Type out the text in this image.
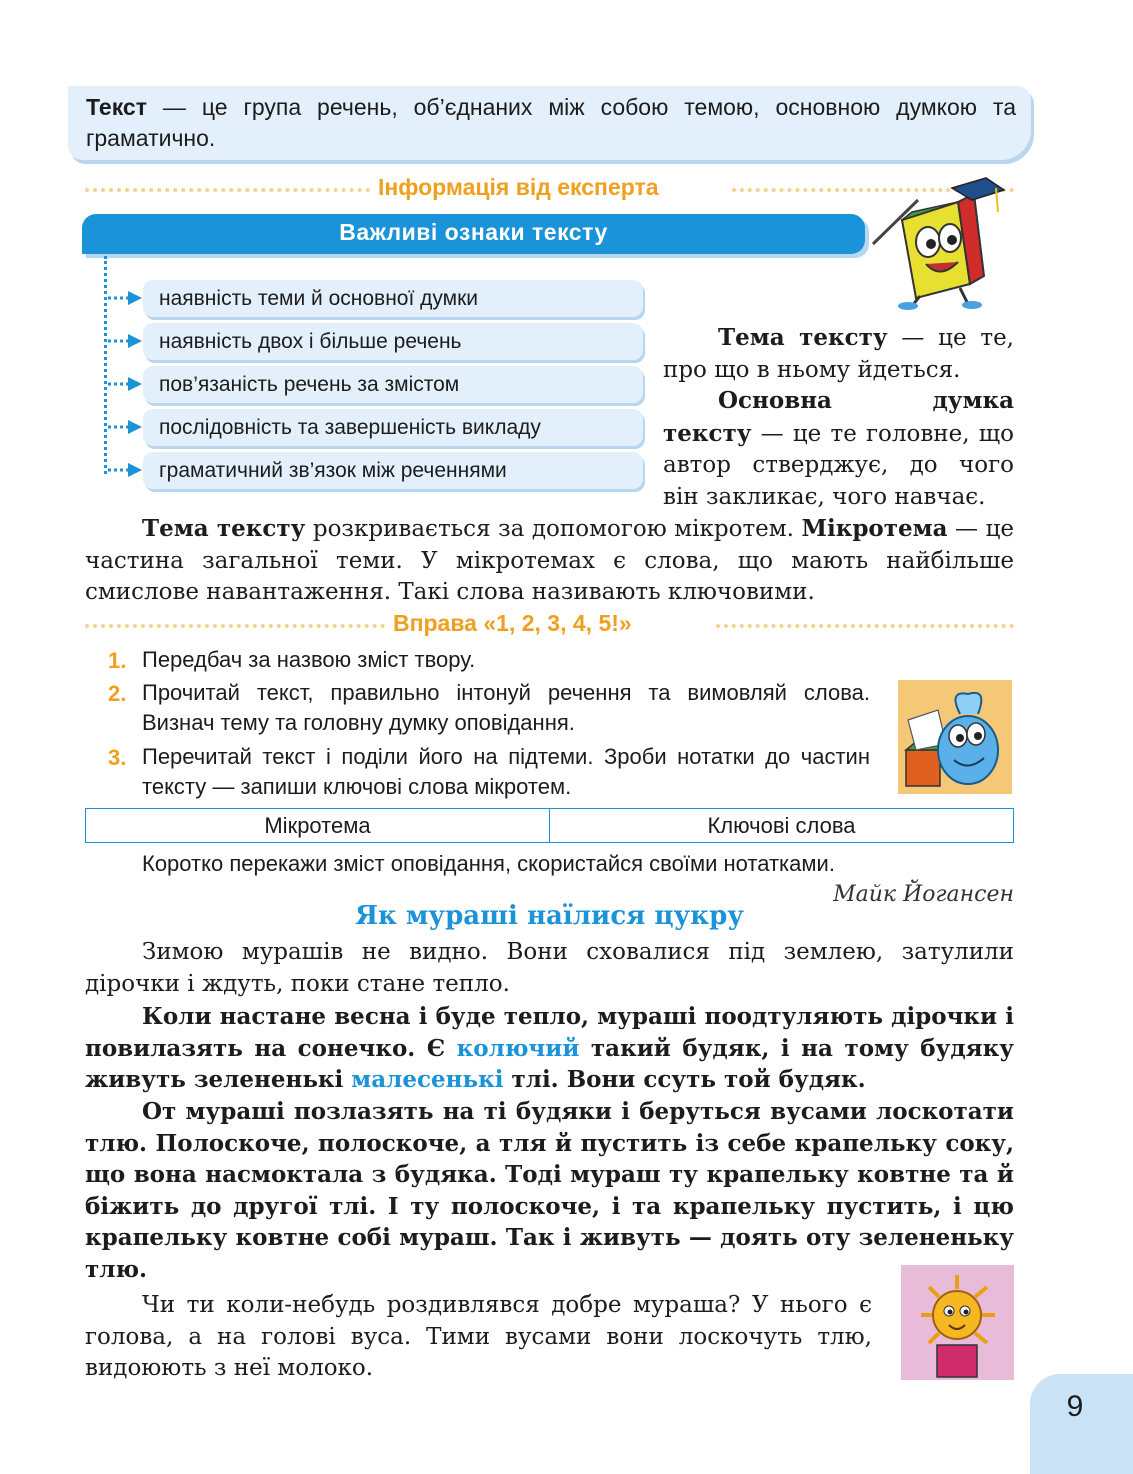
Текст — це група речень, об’єднаних між собою темою, основною думкою та граматично.
Інформація від експерта
Важливі ознаки тексту
наявність теми й основної думки
наявність двох і більше речень
пов’язаність речень за змістом
послідовність та завершеність викладу
граматичний зв’язок між реченнями
Тема тексту — це те, про що в ньому йдеться.
Основна думка тексту — це те головне, що автор стверджує, до чого він закликає, чого навчає.
Тема тексту розкривається за допомогою мікротем. Мікротема — це частина загальної теми. У мікротемах є слова, що мають найбільше смислове навантаження. Такі слова називають ключовими.
Вправа «1, 2, 3, 4, 5!»
1. Передбач за назвою зміст твору.
2. Прочитай текст, правильно інтонуй речення та вимовляй слова. Визнач тему та головну думку оповідання.
3. Перечитай текст і поділи його на підтеми. Зроби нотатки до частин тексту — запиши ключові слова мікротем.
Мікротема	Ключові слова
Коротко перекажи зміст оповідання, скористайся своїми нотатками.
Майк Йогансен
Як мураші наїлися цукру
Зимою мурашів не видно. Вони сховалися під землею, затулили дірочки і ждуть, поки стане тепло.
Коли настане весна і буде тепло, мураші поодтуляють дірочки і повилазять на сонечко. Є колючий такий будяк, і на тому будяку живуть зелененькі малесенькі тлі. Вони ссуть той будяк.
От мураші позлазять на ті будяки і беруться вусами лоскотати тлю. Полоскоче, полоскоче, а тля й пустить із себе крапельку соку, що вона насмоктала з будяка. Тоді мураш ту крапельку ковтне та й біжить до другої тлі. І ту полоскоче, і та крапельку пустить, і цю крапельку ковтне собі мураш. Так і живуть — доять оту зелененьку тлю.
Чи ти коли-небудь роздивлявся добре мураша? У нього є голова, а на голові вуса. Тими вусами вони лоскочуть тлю, видоюють з неї молоко.
9
